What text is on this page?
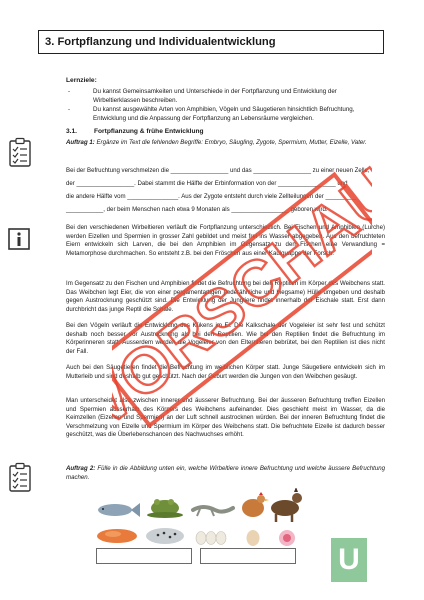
3. Fortpflanzung und Individualentwicklung
Lernziele:
-	Du kannst Gemeinsamkeiten und Unterschiede in der Fortpflanzung und Entwicklung der Wirbeltierklassen beschreiben.
-	Du kannst ausgewählte Arten von Amphibien, Vögeln und Säugetieren hinsichtlich Befruchtung, Entwicklung und die Anpassung der Fortpflanzung an Lebensräume vergleichen.
3.1.	Fortpflanzung & frühe Entwicklung

Auftrag 1: Ergänze im Text die fehlenden Begriffe: Embryo, Säugling, Zygote, Spermium, Mutter, Eizelle, Vater.

Bei der Befruchtung verschmelzen die _________________ und das _________________ zu einer neuen Zelle,
der _________________. Dabei stammt die Hälfte der Erbinformation von der _________________ und
die andere Hälfte vom _______________. Aus der Zygote entsteht durch viele Zellteilungen der _________
___________, der beim Menschen nach etwa 9 Monaten als _________________ geboren wird.

Bei den verschiedenen Wirbeltieren verläuft die Fortpflanzung unterschiedlich. Bei Fischen und Amphibien (Lurche) werden Eizellen und Spermien in grosser Zahl gebildet und meist frei ins Wasser abgegeben. Aus den befruchteten Eiern entwickeln sich Larven, die bei den Amphibien im Gegensatz zu den Fischen eine Verwandlung = Metamorphose durchmachen. So entsteht z.B. bei den Fröschen aus einer Kaulquappe der Forsch.

Im Gegensatz zu den Fischen und Amphibien findet die Befruchtung bei den Reptilien im Körper des Weibchens statt. Das Weibchen legt Eier, die von einer pergamentartigen (lederähnliche und biegsame) Hülle umgeben und deshalb gegen Austrocknung geschützt sind. Die Entwicklung der Jungtiere findet innerhalb der Eischale statt. Erst dann durchbricht das junge Reptil die Schale.

Bei den Vögeln verläuft die Entwicklung des Kükens im Ei. Die Kalkschale der Vogeleier ist sehr fest und schützt deshalb noch besser vor Austrocknung als bei den Reptilien. Wie bei den Reptilien findet die Befruchtung im Körperinneren statt. Ausserdem werden die Vogeleier von den Elterntieren bebrütet, bei den Reptilien ist dies nicht der Fall.

Auch bei den Säugetieren findet die Befruchtung im weiblichen Körper statt. Junge Säugetiere entwickeln sich im Mutterleib und sind deshalb gut geschützt. Nach der Geburt werden die Jungen von den Weibchen gesäugt.

Man unterscheidet also zwischen innerer und äusserer Befruchtung. Bei der äusseren Befruchtung treffen Eizellen und Spermien ausserhalb des Körpers des Weibchens aufeinander. Dies geschieht meist im Wasser, da die Keimzellen (Eizellen und Spermien) an der Luft schnell austrocknen würden. Bei der inneren Befruchtung findet die Verschmelzung von Eizelle und Spermium im Körper des Weibchens statt. Die befruchtete Eizelle ist dadurch besser geschützt, was die Überlebenschancen des Nachwuchses erhöht.

Auftrag 2: Fülle in die Abbildung unten ein, welche Wirbeltiere innere Befruchtung und welche äussere Befruchtung machen.

VORSCHAU
U
